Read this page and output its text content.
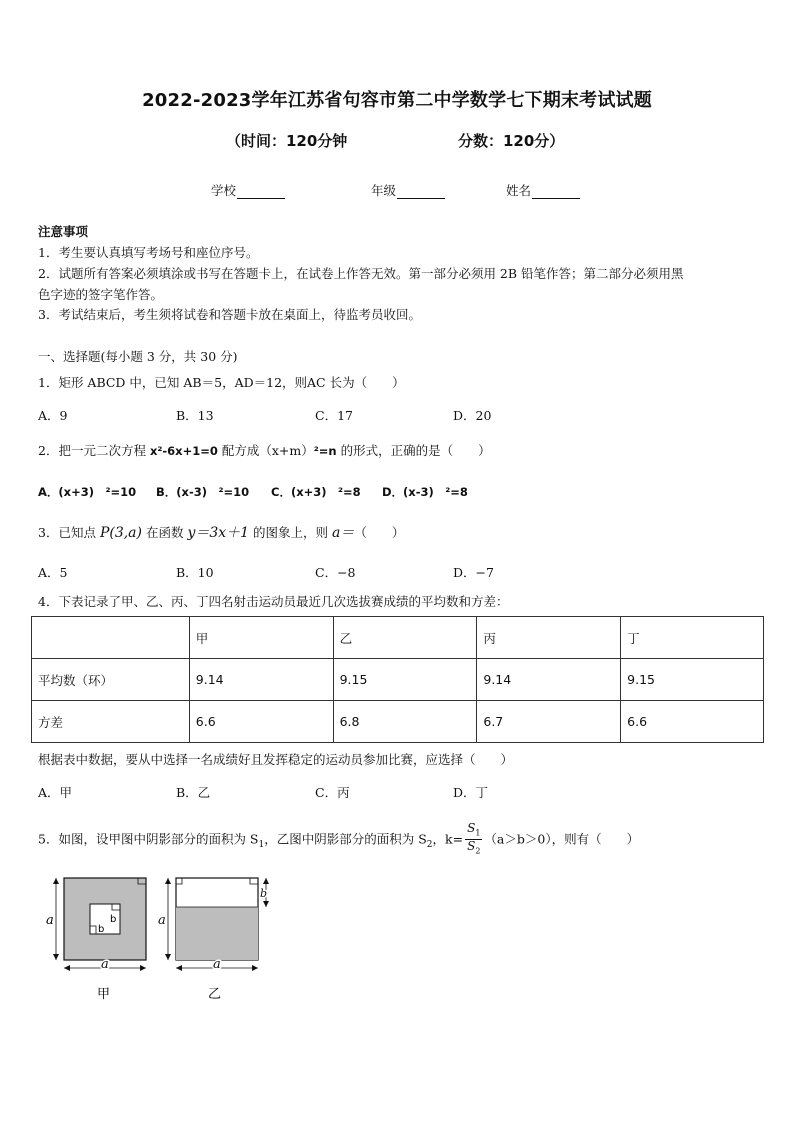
2022-2023学年江苏省句容市第二中学数学七下期末考试试题
（时间：120分钟	分数：120分）
学校	年级	姓名
注意事项
1．考生要认真填写考场号和座位序号。
2．试题所有答案必须填涂或书写在答题卡上，在试卷上作答无效。第一部分必须用 2B 铅笔作答；第二部分必须用黑
色字迹的签字笔作答。
3．考试结束后，考生须将试卷和答题卡放在桌面上，待监考员收回。
一、选择题(每小题 3 分，共 30 分)
1．矩形 ABCD 中，已知 AB＝5，AD＝12，则AC 长为（　　）
A．9	B．13	C．17	D．20
2．把一元二次方程 x²-6x+1=0 配方成（x+m）²=n 的形式，正确的是（　　）
A．(x+3)　²=10 B．(x-3)　²=10 C．(x+3)　²=8 D．(x-3)　²=8
3．已知点 P(3,a) 在函数 y＝3x＋1 的图象上，则 a＝（　　）
A．5	B．10	C．−8	D．−7
4．下表记录了甲、乙、丙、丁四名射击运动员最近几次选拔赛成绩的平均数和方差：
	甲	乙	丙	丁
平均数（环）	9.14	9.15	9.14	9.15
方差	6.6	6.8	6.7	6.6
根据表中数据，要从中选择一名成绩好且发挥稳定的运动员参加比赛，应选择（　　）
A．甲	B．乙	C．丙	D．丁
5．如图，设甲图中阴影部分的面积为 $S_1$，乙图中阴影部分的面积为 $S_2$，$k= \frac{S_1}{S_2} (a>b>0)$，则有（　　）
a
a
b
b
甲
a
b
a
乙
